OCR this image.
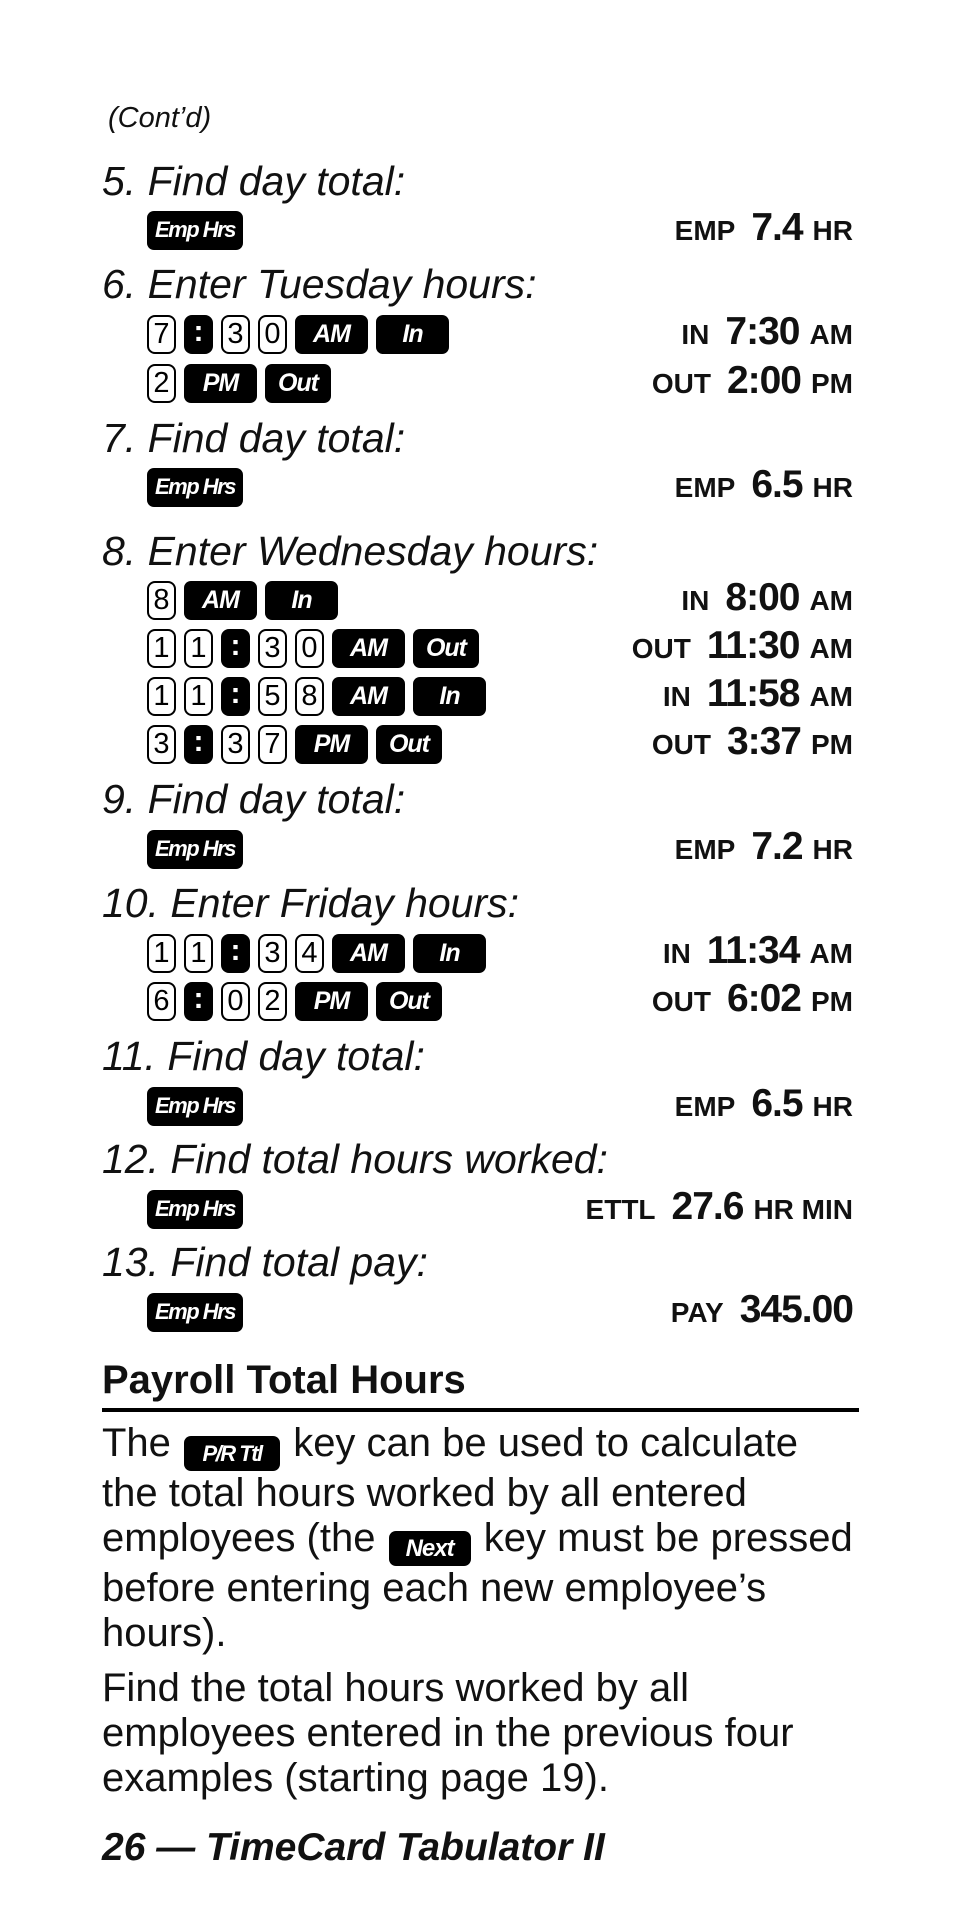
(Cont’d)
5. Find day total:
Emp Hrs	EMP 7.4 HR
6. Enter Tuesday hours:
7 : 3 0	AM	In	IN 7:30 AM
2	PM	Out	OUT 2:00 PM
7. Find day total:
Emp Hrs	EMP 6.5 HR
8. Enter Wednesday hours:
8	AM	In	IN 8:00 AM
1 1 : 3 0	AM	Out	OUT 11:30 AM
1 1 : 5 8	AM	In	IN 11:58 AM
3 : 3 7	PM	Out	OUT 3:37 PM
9. Find day total:
Emp Hrs	EMP 7.2 HR
10. Enter Friday hours:
1 1 : 3 4	AM	In	IN 11:34 AM
6 : 0 2	PM	Out	OUT 6:02 PM
11. Find day total:
Emp Hrs	EMP 6.5 HR
12. Find total hours worked:
Emp Hrs	ETTL 27.6 HR MIN
13. Find total pay:
Emp Hrs	PAY 345.00
Payroll Total Hours
The P/R Ttl key can be used to calculate the total hours worked by all entered employees (the Next key must be pressed before entering each new employee’s hours).
Find the total hours worked by all employees entered in the previous four examples (starting page 19).
26 — TimeCard Tabulator II
